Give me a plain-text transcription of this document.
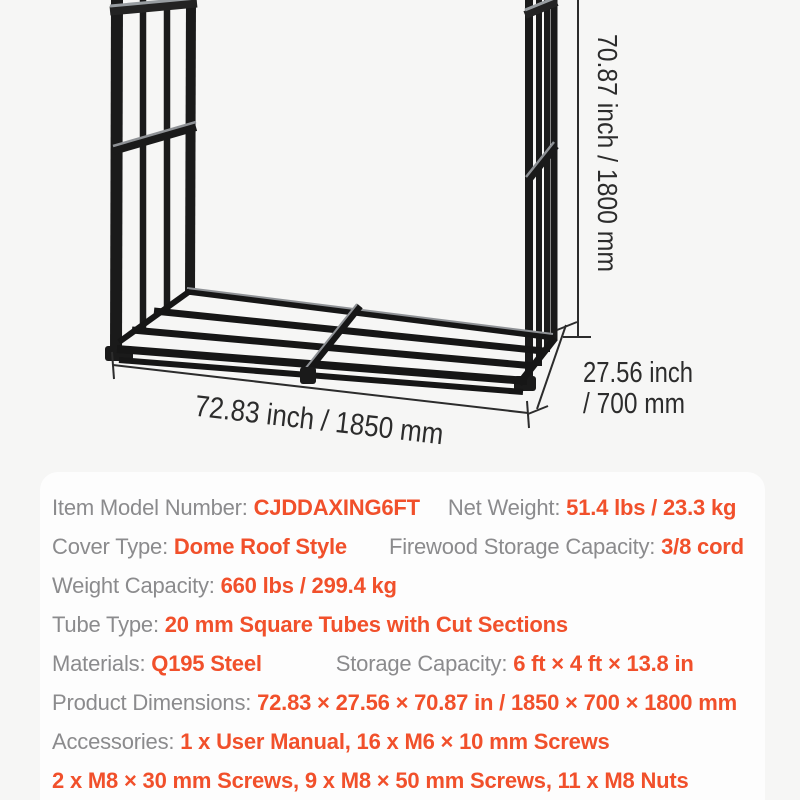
70.87 inch / 1800 mm
27.56 inch
/ 700 mm
72.83 inch / 1850 mm
Item Model Number: CJDDAXING6FT Net Weight: 51.4 lbs / 23.3 kg
Cover Type: Dome Roof Style Firewood Storage Capacity: 3/8 cord
Weight Capacity: 660 lbs / 299.4 kg
Tube Type: 20 mm Square Tubes with Cut Sections
Materials: Q195 Steel	Storage Capacity: 6 ft × 4 ft × 13.8 in
Product Dimensions: 72.83 × 27.56 × 70.87 in / 1850 × 700 × 1800 mm
Accessories: 1 x User Manual, 16 x M6 × 10 mm Screws
2 x M8 × 30 mm Screws, 9 x M8 × 50 mm Screws, 11 x M8 Nuts
